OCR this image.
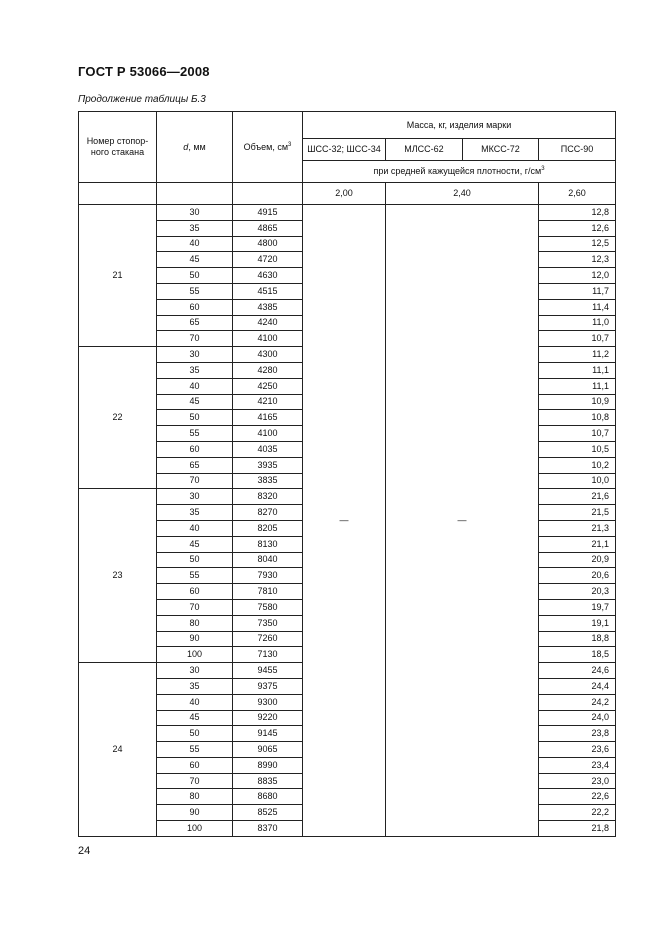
ГОСТ Р 53066—2008
Продолжение таблицы Б.3
Номер стопор-ного стакана	d, мм	Объем, $см^3$	Масса, кг, изделия марки			
			ШСС-32; ШСС-34	МЛСС-62	МКСС-72	ПСС-90
			при средней кажущейся плотности, $г/см^3$
			2,00	2,40		2,60
21	30	4915	—	—		12,8
	35	4865				12,6
	40	4800				12,5
	45	4720				12,3
	50	4630				12,0
	55	4515				11,7
	60	4385				11,4
	65	4240				11,0
	70	4100				10,7
22	30	4300				11,2
	35	4280				11,1
	40	4250				11,1
	45	4210				10,9
	50	4165				10,8
	55	4100				10,7
	60	4035				10,5
	65	3935				10,2
	70	3835				10,0
23	30	8320				21,6
	35	8270				21,5
	40	8205				21,3
	45	8130				21,1
	50	8040				20,9
	55	7930				20,6
	60	7810				20,3
	70	7580				19,7
	80	7350				19,1
	90	7260				18,8
	100	7130				18,5
24	30	9455				24,6
	35	9375				24,4
	40	9300				24,2
	45	9220				24,0
	50	9145				23,8
	55	9065				23,6
	60	8990				23,4
	70	8835				23,0
	80	8680				22,6
	90	8525				22,2
	100	8370				21,8
24
